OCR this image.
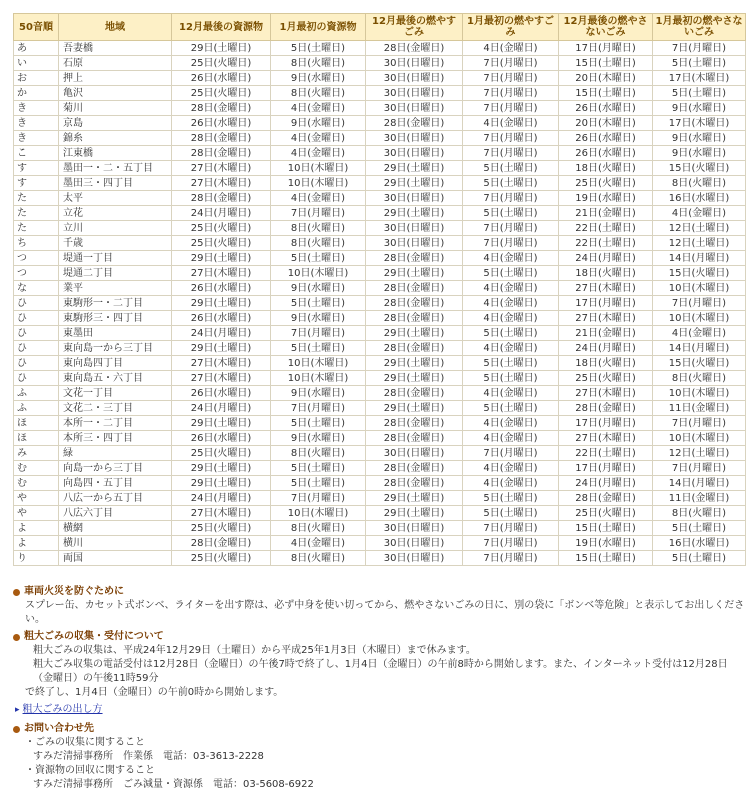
50音順	地域	12月最後の資源物	1月最初の資源物	12月最後の燃やすごみ	1月最初の燃やすごみ	12月最後の燃やさないごみ	1月最初の燃やさないごみ
あ	吾妻橋	29日(土曜日)	5日(土曜日)	28日(金曜日)	4日(金曜日)	17日(月曜日)	7日(月曜日)
い	石原	25日(火曜日)	8日(火曜日)	30日(日曜日)	7日(月曜日)	15日(土曜日)	5日(土曜日)
お	押上	26日(水曜日)	9日(水曜日)	30日(日曜日)	7日(月曜日)	20日(木曜日)	17日(木曜日)
か	亀沢	25日(火曜日)	8日(火曜日)	30日(日曜日)	7日(月曜日)	15日(土曜日)	5日(土曜日)
き	菊川	28日(金曜日)	4日(金曜日)	30日(日曜日)	7日(月曜日)	26日(水曜日)	9日(水曜日)
き	京島	26日(水曜日)	9日(水曜日)	28日(金曜日)	4日(金曜日)	20日(木曜日)	17日(木曜日)
き	錦糸	28日(金曜日)	4日(金曜日)	30日(日曜日)	7日(月曜日)	26日(水曜日)	9日(水曜日)
こ	江東橋	28日(金曜日)	4日(金曜日)	30日(日曜日)	7日(月曜日)	26日(水曜日)	9日(水曜日)
す	墨田一・二・五丁目	27日(木曜日)	10日(木曜日)	29日(土曜日)	5日(土曜日)	18日(火曜日)	15日(火曜日)
す	墨田三・四丁目	27日(木曜日)	10日(木曜日)	29日(土曜日)	5日(土曜日)	25日(火曜日)	8日(火曜日)
た	太平	28日(金曜日)	4日(金曜日)	30日(日曜日)	7日(月曜日)	19日(水曜日)	16日(水曜日)
た	立花	24日(月曜日)	7日(月曜日)	29日(土曜日)	5日(土曜日)	21日(金曜日)	4日(金曜日)
た	立川	25日(火曜日)	8日(火曜日)	30日(日曜日)	7日(月曜日)	22日(土曜日)	12日(土曜日)
ち	千歳	25日(火曜日)	8日(火曜日)	30日(日曜日)	7日(月曜日)	22日(土曜日)	12日(土曜日)
つ	堤通一丁目	29日(土曜日)	5日(土曜日)	28日(金曜日)	4日(金曜日)	24日(月曜日)	14日(月曜日)
つ	堤通二丁目	27日(木曜日)	10日(木曜日)	29日(土曜日)	5日(土曜日)	18日(火曜日)	15日(火曜日)
な	業平	26日(水曜日)	9日(水曜日)	28日(金曜日)	4日(金曜日)	27日(木曜日)	10日(木曜日)
ひ	東駒形一・二丁目	29日(土曜日)	5日(土曜日)	28日(金曜日)	4日(金曜日)	17日(月曜日)	7日(月曜日)
ひ	東駒形三・四丁目	26日(水曜日)	9日(水曜日)	28日(金曜日)	4日(金曜日)	27日(木曜日)	10日(木曜日)
ひ	東墨田	24日(月曜日)	7日(月曜日)	29日(土曜日)	5日(土曜日)	21日(金曜日)	4日(金曜日)
ひ	東向島一から三丁目	29日(土曜日)	5日(土曜日)	28日(金曜日)	4日(金曜日)	24日(月曜日)	14日(月曜日)
ひ	東向島四丁目	27日(木曜日)	10日(木曜日)	29日(土曜日)	5日(土曜日)	18日(火曜日)	15日(火曜日)
ひ	東向島五・六丁目	27日(木曜日)	10日(木曜日)	29日(土曜日)	5日(土曜日)	25日(火曜日)	8日(火曜日)
ふ	文花一丁目	26日(水曜日)	9日(水曜日)	28日(金曜日)	4日(金曜日)	27日(木曜日)	10日(木曜日)
ふ	文花二・三丁目	24日(月曜日)	7日(月曜日)	29日(土曜日)	5日(土曜日)	28日(金曜日)	11日(金曜日)
ほ	本所一・二丁目	29日(土曜日)	5日(土曜日)	28日(金曜日)	4日(金曜日)	17日(月曜日)	7日(月曜日)
ほ	本所三・四丁目	26日(水曜日)	9日(水曜日)	28日(金曜日)	4日(金曜日)	27日(木曜日)	10日(木曜日)
み	緑	25日(火曜日)	8日(火曜日)	30日(日曜日)	7日(月曜日)	22日(土曜日)	12日(土曜日)
む	向島一から三丁目	29日(土曜日)	5日(土曜日)	28日(金曜日)	4日(金曜日)	17日(月曜日)	7日(月曜日)
む	向島四・五丁目	29日(土曜日)	5日(土曜日)	28日(金曜日)	4日(金曜日)	24日(月曜日)	14日(月曜日)
や	八広一から五丁目	24日(月曜日)	7日(月曜日)	29日(土曜日)	5日(土曜日)	28日(金曜日)	11日(金曜日)
や	八広六丁目	27日(木曜日)	10日(木曜日)	29日(土曜日)	5日(土曜日)	25日(火曜日)	8日(火曜日)
よ	横網	25日(火曜日)	8日(火曜日)	30日(日曜日)	7日(月曜日)	15日(土曜日)	5日(土曜日)
よ	横川	28日(金曜日)	4日(金曜日)	30日(日曜日)	7日(月曜日)	19日(水曜日)	16日(水曜日)
り	両国	25日(火曜日)	8日(火曜日)	30日(日曜日)	7日(月曜日)	15日(土曜日)	5日(土曜日)
車両火災を防ぐために
スプレー缶、カセット式ボンベ、ライターを出す際は、必ず中身を使い切ってから、燃やさないごみの日に、別の袋に「ボンベ等危険」と表示してお出しください。
粗大ごみの収集・受付について
粗大ごみの収集は、平成24年12月29日（土曜日）から平成25年1月3日（木曜日）まで休みます。
粗大ごみ収集の電話受付は12月28日（金曜日）の午後7時で終了し、1月4日（金曜日）の午前8時から開始します。また、インターネット受付は12月28日（金曜日）の午後11時59分
で終了し、1月4日（金曜日）の午前0時から開始します。
▸ 粗大ごみの出し方
お問い合わせ先
・ごみの収集に関すること
すみだ清掃事務所　作業係　電話：03-3613-2228
・資源物の回収に関すること
すみだ清掃事務所　ごみ減量・資源係　電話：03-5608-6922
